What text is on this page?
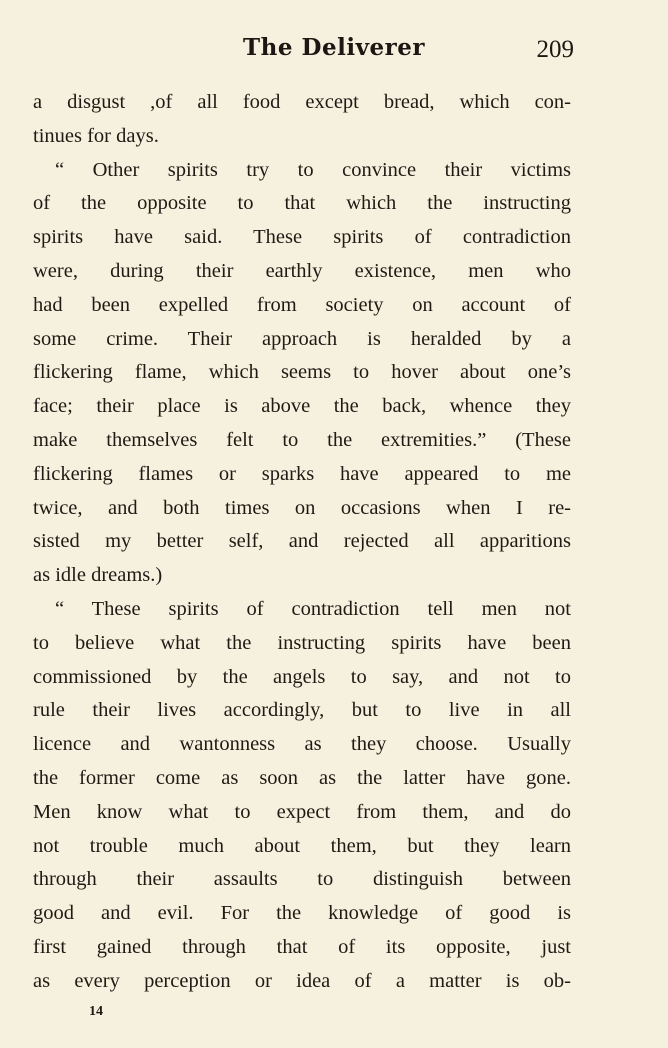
The Deliverer	209
a disgust ,of all food except bread, which con-
tinues for days.
“ Other spirits try to convince their victims
of the opposite to that which the instructing
spirits have said. These spirits of contradiction
were, during their earthly existence, men who
had been expelled from society on account of
some crime. Their approach is heralded by a
flickering flame, which seems to hover about one’s
face; their place is above the back, whence they
make themselves felt to the extremities.” (These
flickering flames or sparks have appeared to me
twice, and both times on occasions when I re-
sisted my better self, and rejected all apparitions
as idle dreams.)
“ These spirits of contradiction tell men not
to believe what the instructing spirits have been
commissioned by the angels to say, and not to
rule their lives accordingly, but to live in all
licence and wantonness as they choose. Usually
the former come as soon as the latter have gone.
Men know what to expect from them, and do
not trouble much about them, but they learn
through their assaults to distinguish between
good and evil. For the knowledge of good is
first gained through that of its opposite, just
as every perception or idea of a matter is ob-
14
